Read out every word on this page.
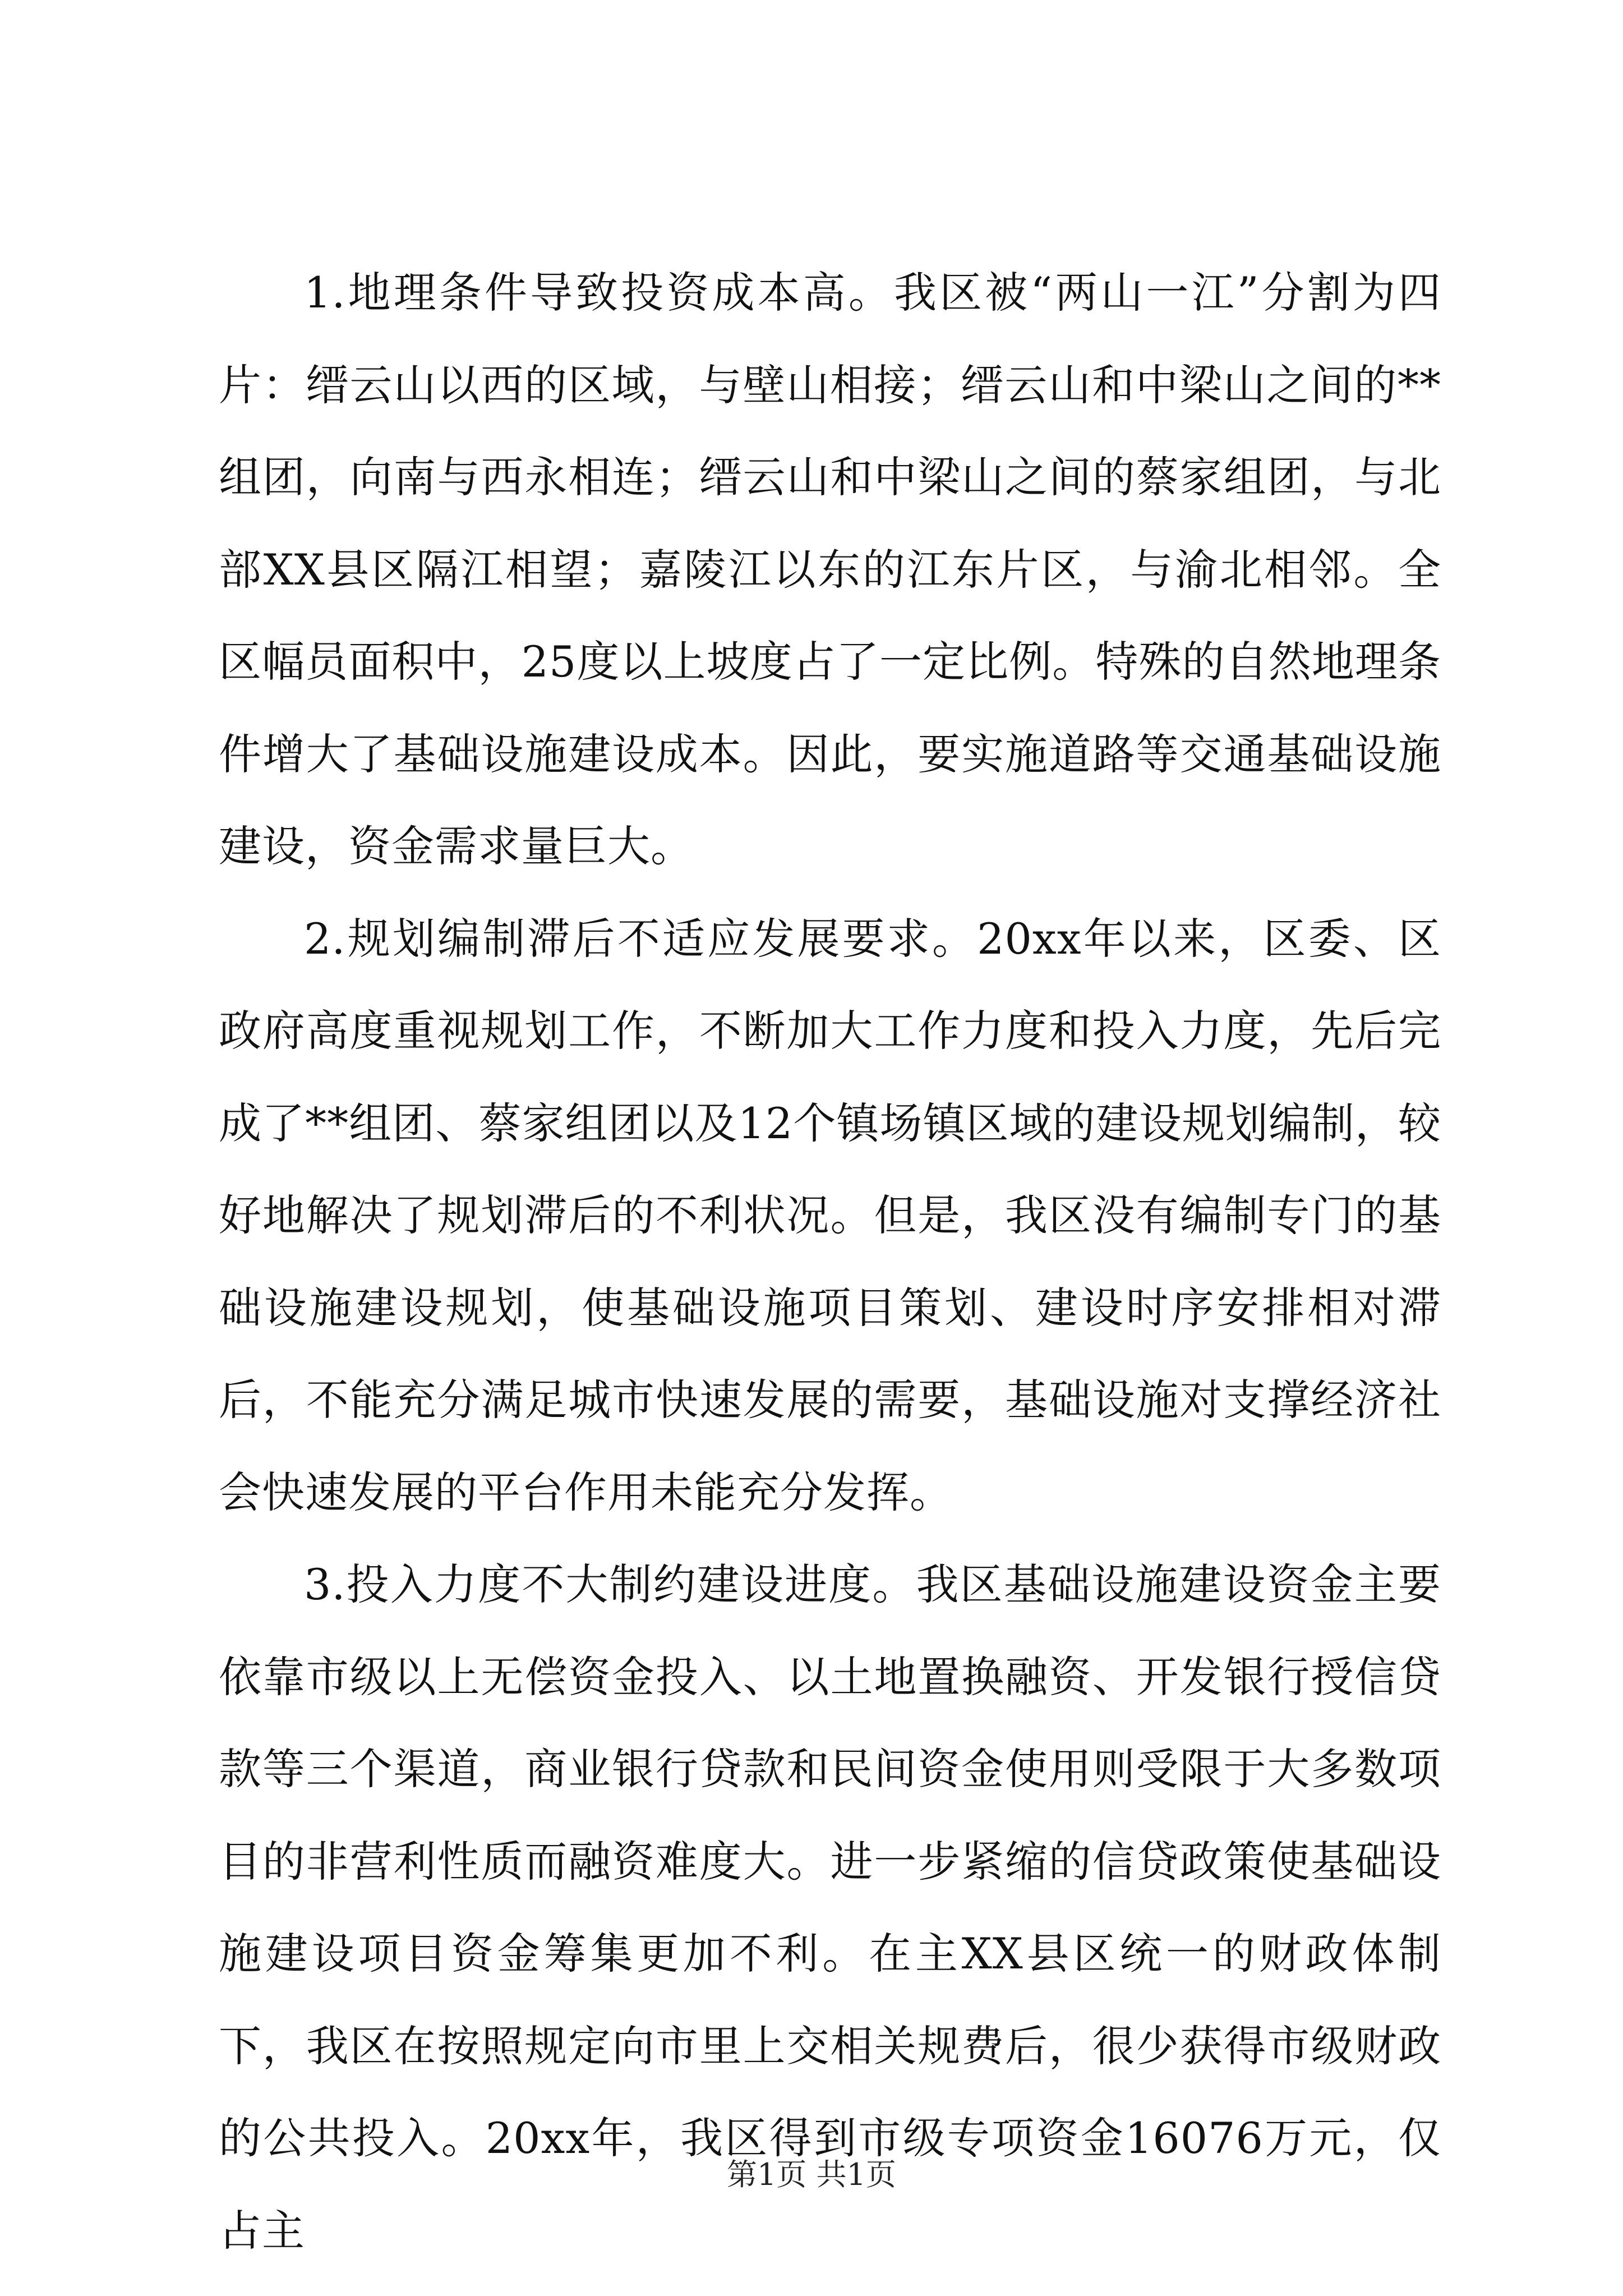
1.地理条件导致投资成本高。我区被“两山一江”分割为四片：缙云山以西的区域，与壁山相接；缙云山和中梁山之间的**组团，向南与西永相连；缙云山和中梁山之间的蔡家组团，与北部XX县区隔江相望；嘉陵江以东的江东片区，与渝北相邻。全区幅员面积中，25度以上坡度占了一定比例。特殊的自然地理条件增大了基础设施建设成本。因此，要实施道路等交通基础设施建设，资金需求量巨大。

2.规划编制滞后不适应发展要求。20xx年以来，区委、区政府高度重视规划工作，不断加大工作力度和投入力度，先后完成了**组团、蔡家组团以及12个镇场镇区域的建设规划编制，较好地解决了规划滞后的不利状况。但是，我区没有编制专门的基础设施建设规划，使基础设施项目策划、建设时序安排相对滞后，不能充分满足城市快速发展的需要，基础设施对支撑经济社会快速发展的平台作用未能充分发挥。

3.投入力度不大制约建设进度。我区基础设施建设资金主要依靠市级以上无偿资金投入、以土地置换融资、开发银行授信贷款等三个渠道，商业银行贷款和民间资金使用则受限于大多数项目的非营利性质而融资难度大。进一步紧缩的信贷政策使基础设施建设项目资金筹集更加不利。在主XX县区统一的财政体制下，我区在按照规定向市里上交相关规费后，很少获得市级财政的公共投入。20xx年，我区得到市级专项资金16076万元，仅占主

第1页 共1页
